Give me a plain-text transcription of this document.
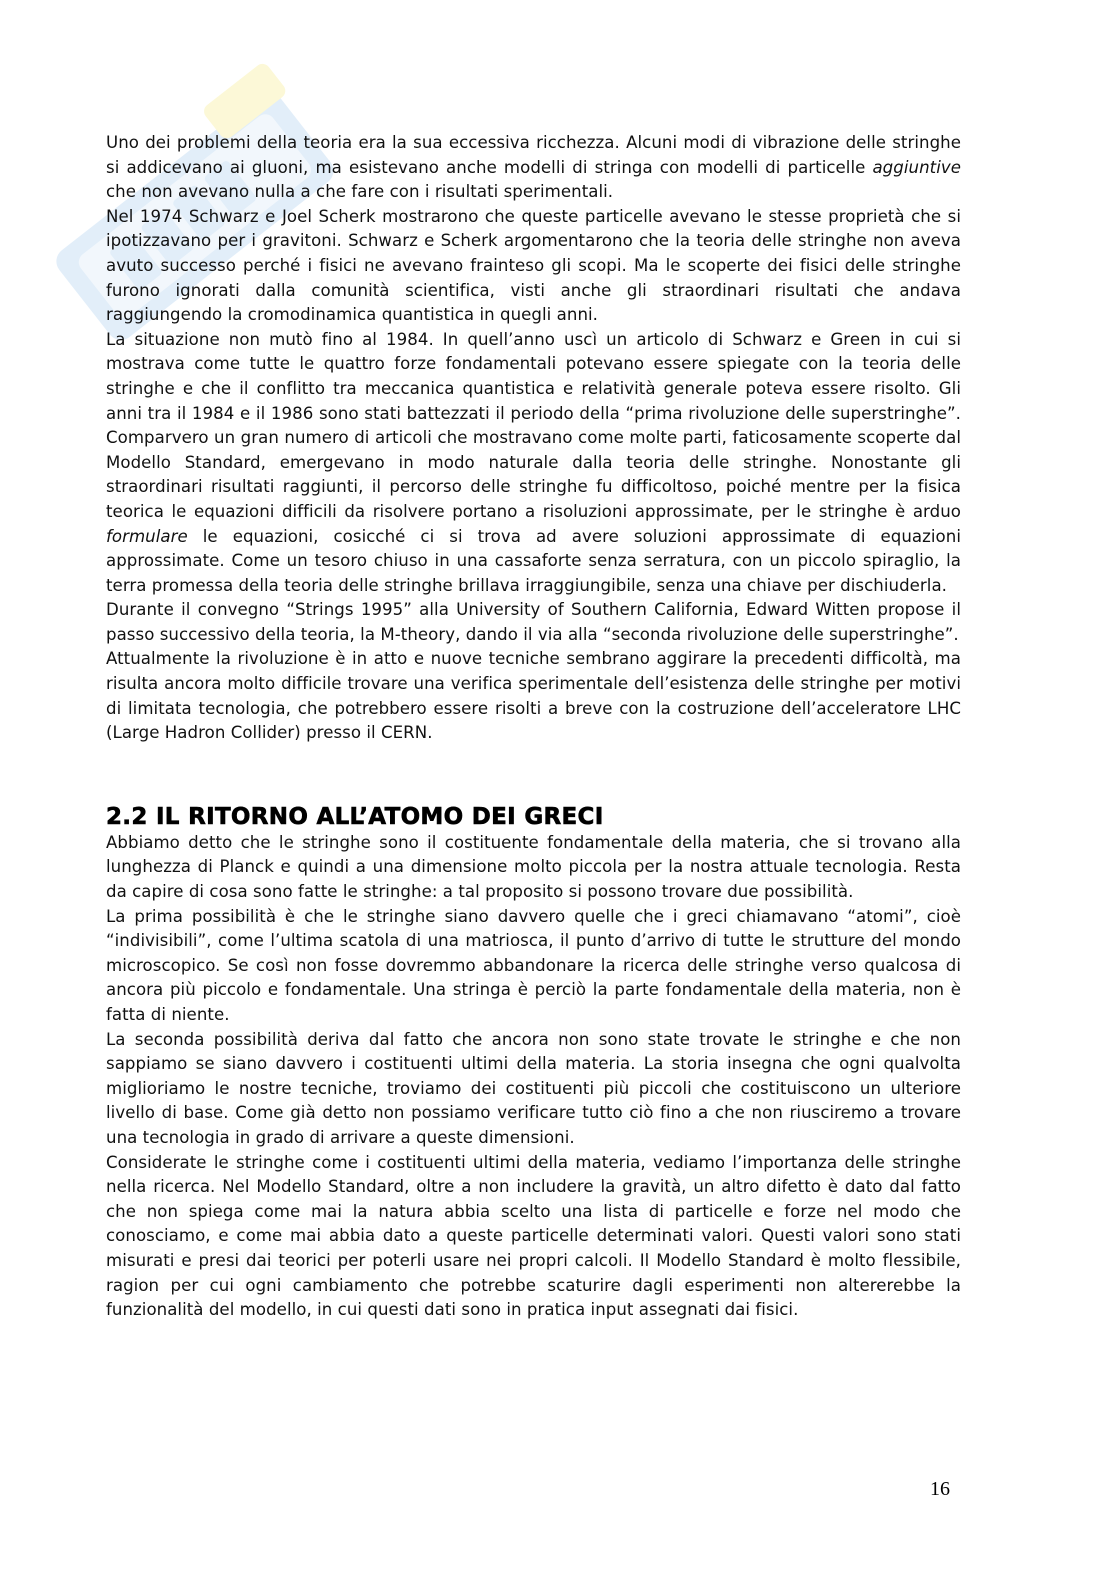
Uno dei problemi della teoria era la sua eccessiva ricchezza. Alcuni modi di vibrazione delle stringhe si addicevano ai gluoni, ma esistevano anche modelli di stringa con modelli di particelle aggiuntive che non avevano nulla a che fare con i risultati sperimentali.

Nel 1974 Schwarz e Joel Scherk mostrarono che queste particelle avevano le stesse proprietà che si ipotizzavano per i gravitoni. Schwarz e Scherk argomentarono che la teoria delle stringhe non aveva avuto successo perché i fisici ne avevano frainteso gli scopi. Ma le scoperte dei fisici delle stringhe furono ignorati dalla comunità scientifica, visti anche gli straordinari risultati che andava raggiungendo la cromodinamica quantistica in quegli anni.

La situazione non mutò fino al 1984. In quell’anno uscì un articolo di Schwarz e Green in cui si mostrava come tutte le quattro forze fondamentali potevano essere spiegate con la teoria delle stringhe e che il conflitto tra meccanica quantistica e relatività generale poteva essere risolto. Gli anni tra il 1984 e il 1986 sono stati battezzati il periodo della “prima rivoluzione delle superstringhe”. Comparvero un gran numero di articoli che mostravano come molte parti, faticosamente scoperte dal Modello Standard, emergevano in modo naturale dalla teoria delle stringhe. Nonostante gli straordinari risultati raggiunti, il percorso delle stringhe fu difficoltoso, poiché mentre per la fisica teorica le equazioni difficili da risolvere portano a risoluzioni approssimate, per le stringhe è arduo formulare le equazioni, cosicché ci si trova ad avere soluzioni approssimate di equazioni approssimate. Come un tesoro chiuso in una cassaforte senza serratura, con un piccolo spiraglio, la terra promessa della teoria delle stringhe brillava irraggiungibile, senza una chiave per dischiuderla.

Durante il convegno “Strings 1995” alla University of Southern California, Edward Witten propose il passo successivo della teoria, la M-theory, dando il via alla “seconda rivoluzione delle superstringhe”.

Attualmente la rivoluzione è in atto e nuove tecniche sembrano aggirare la precedenti difficoltà, ma risulta ancora molto difficile trovare una verifica sperimentale dell’esistenza delle stringhe per motivi di limitata tecnologia, che potrebbero essere risolti a breve con la costruzione dell’acceleratore LHC (Large Hadron Collider) presso il CERN.

2.2 IL RITORNO ALL’ATOMO DEI GRECI

Abbiamo detto che le stringhe sono il costituente fondamentale della materia, che si trovano alla lunghezza di Planck e quindi a una dimensione molto piccola per la nostra attuale tecnologia. Resta da capire di cosa sono fatte le stringhe: a tal proposito si possono trovare due possibilità.

La prima possibilità è che le stringhe siano davvero quelle che i greci chiamavano “atomi”, cioè “indivisibili”, come l’ultima scatola di una matriosca, il punto d’arrivo di tutte le strutture del mondo microscopico. Se così non fosse dovremmo abbandonare la ricerca delle stringhe verso qualcosa di ancora più piccolo e fondamentale. Una stringa è perciò la parte fondamentale della materia, non è fatta di niente.

La seconda possibilità deriva dal fatto che ancora non sono state trovate le stringhe e che non sappiamo se siano davvero i costituenti ultimi della materia. La storia insegna che ogni qualvolta miglioriamo le nostre tecniche, troviamo dei costituenti più piccoli che costituiscono un ulteriore livello di base. Come già detto non possiamo verificare tutto ciò fino a che non riusciremo a trovare una tecnologia in grado di arrivare a queste dimensioni.

Considerate le stringhe come i costituenti ultimi della materia, vediamo l’importanza delle stringhe nella ricerca. Nel Modello Standard, oltre a non includere la gravità, un altro difetto è dato dal fatto che non spiega come mai la natura abbia scelto una lista di particelle e forze nel modo che conosciamo, e come mai abbia dato a queste particelle determinati valori. Questi valori sono stati misurati e presi dai teorici per poterli usare nei propri calcoli. Il Modello Standard è molto flessibile, ragion per cui ogni cambiamento che potrebbe scaturire dagli esperimenti non altererebbe la funzionalità del modello, in cui questi dati sono in pratica input assegnati dai fisici.

16
